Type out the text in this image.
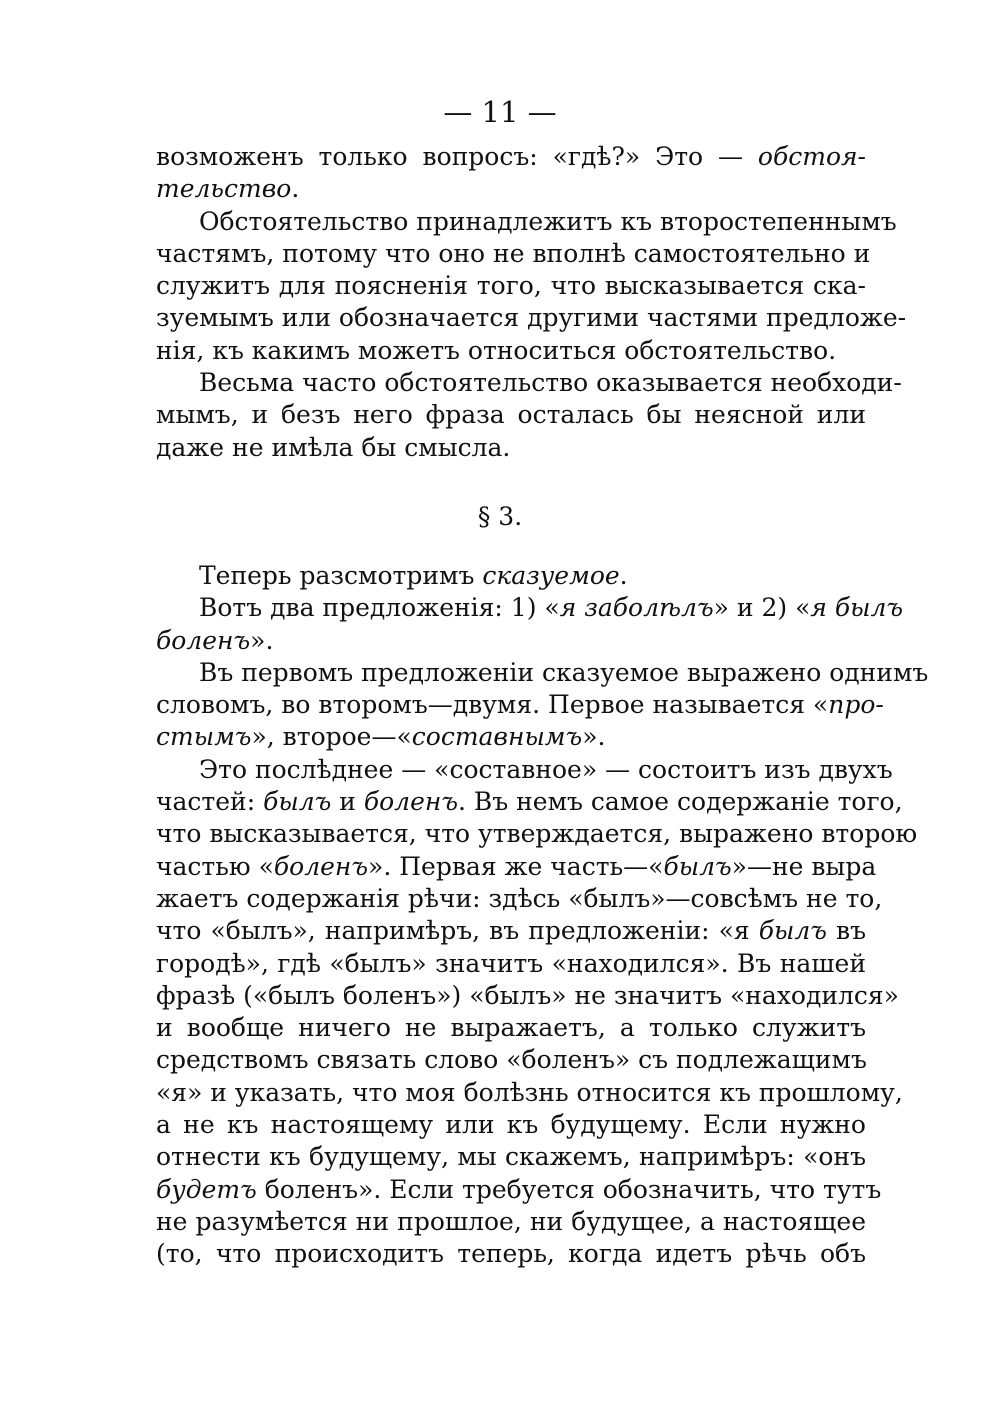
— 11 —
возможенъ только вопросъ: «гдѣ?» Это — обстоя-
тельство.
Обстоятельство принадлежитъ къ второстепеннымъ
частямъ, потому что оно не вполнѣ самостоятельно и
служитъ для поясненія того, что высказывается ска-
зуемымъ или обозначается другими частями предложе-
нія, къ какимъ можетъ относиться обстоятельство.
Весьма часто обстоятельство оказывается необходи-
мымъ, и безъ него фраза осталась бы неясной или
даже не имѣла бы смысла.
§ 3.
Теперь разсмотримъ сказуемое.
Вотъ два предложенія: 1) «я заболѣлъ» и 2) «я былъ
боленъ».
Въ первомъ предложеніи сказуемое выражено однимъ
словомъ, во второмъ—двумя. Первое называется «про-
стымъ», второе—«составнымъ».
Это послѣднее — «составное» — состоитъ изъ двухъ
частей: былъ и боленъ. Въ немъ самое содержаніе того,
что высказывается, что утверждается, выражено второю
частью «боленъ». Первая же часть—«былъ»—не выра
жаетъ содержанія рѣчи: здѣсь «былъ»—совсѣмъ не то,
что «былъ», напримѣръ, въ предложеніи: «я былъ въ
городѣ», гдѣ «былъ» значитъ «находился». Въ нашей
фразѣ («былъ боленъ») «былъ» не значитъ «находился»
и вообще ничего не выражаетъ, а только служитъ
средствомъ связать слово «боленъ» съ подлежащимъ
«я» и указать, что моя болѣзнь относится къ прошлому,
а не къ настоящему или къ будущему. Если нужно
отнести къ будущему, мы скажемъ, напримѣръ: «онъ
будетъ боленъ». Если требуется обозначить, что тутъ
не разумѣется ни прошлое, ни будущее, а настоящее
(то, что происходитъ теперь, когда идетъ рѣчь объ
